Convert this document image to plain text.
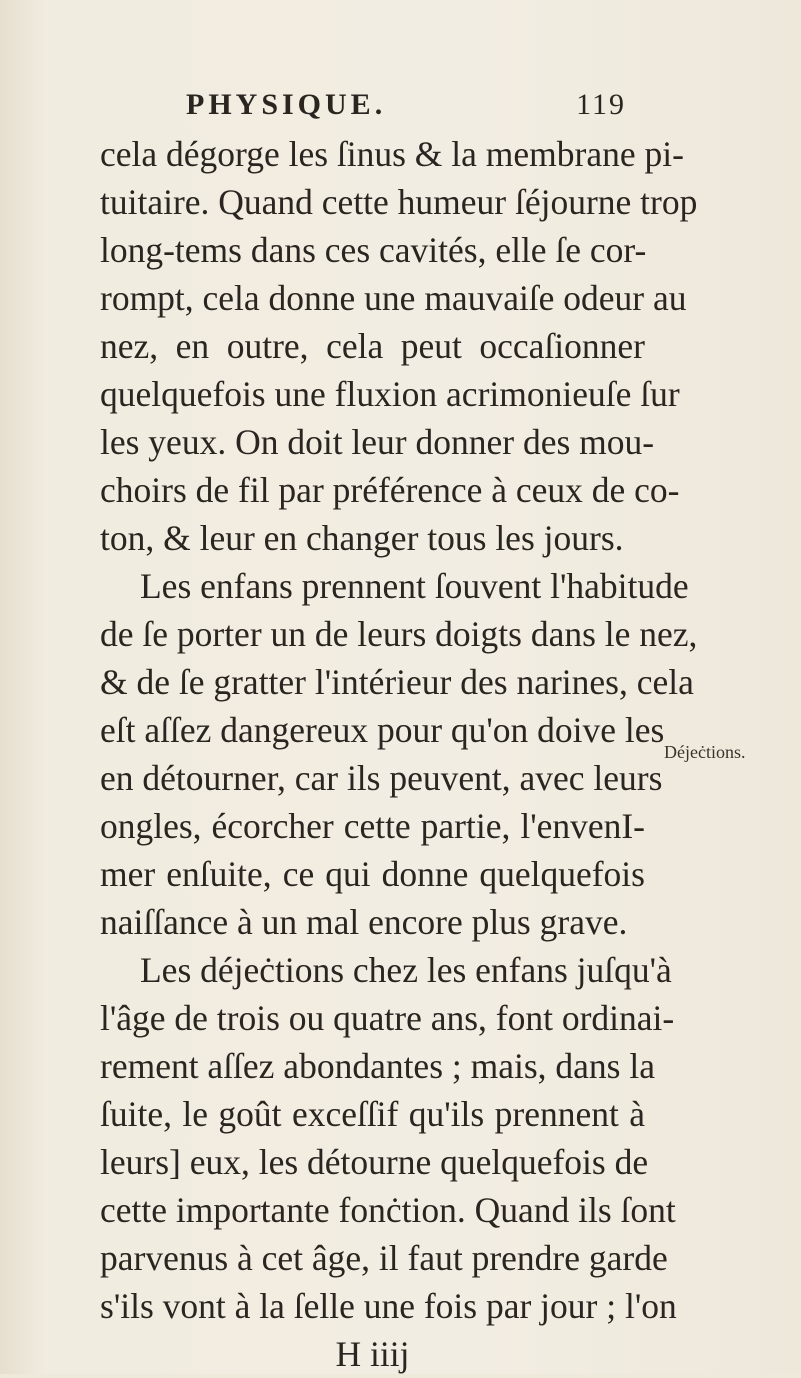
PHYSIQUE.	119
cela dégorge les ſinus & la membrane pi-
tuitaire. Quand cette humeur ſéjourne trop
long-tems dans ces cavités, elle ſe cor-
rompt, cela donne une mauvaiſe odeur au
nez, en outre, cela peut occaſionner
quelquefois une fluxion acrimonieuſe ſur
les yeux. On doit leur donner des mou-
choirs de fil par préférence à ceux de co-
ton, & leur en changer tous les jours.
Les enfans prennent ſouvent l'habitude
de ſe porter un de leurs doigts dans le nez,
& de ſe gratter l'intérieur des narines, cela
eſt aſſez dangereux pour qu'on doive les
en détourner, car ils peuvent, avec leurs
ongles, écorcher cette partie, l'envenI-
mer enſuite, ce qui donne quelquefois
naiſſance à un mal encore plus grave.
Les déjeċtions chez les enfans juſqu'à
l'âge de trois ou quatre ans, font ordinai-
rement aſſez abondantes ; mais, dans la
ſuite, le goût exceſſif qu'ils prennent à
leurs] eux, les détourne quelquefois de
cette importante fonċtion. Quand ils ſont
parvenus à cet âge, il faut prendre garde
s'ils vont à la ſelle une fois par jour ; l'on
H iiij
Déjeċtions.
